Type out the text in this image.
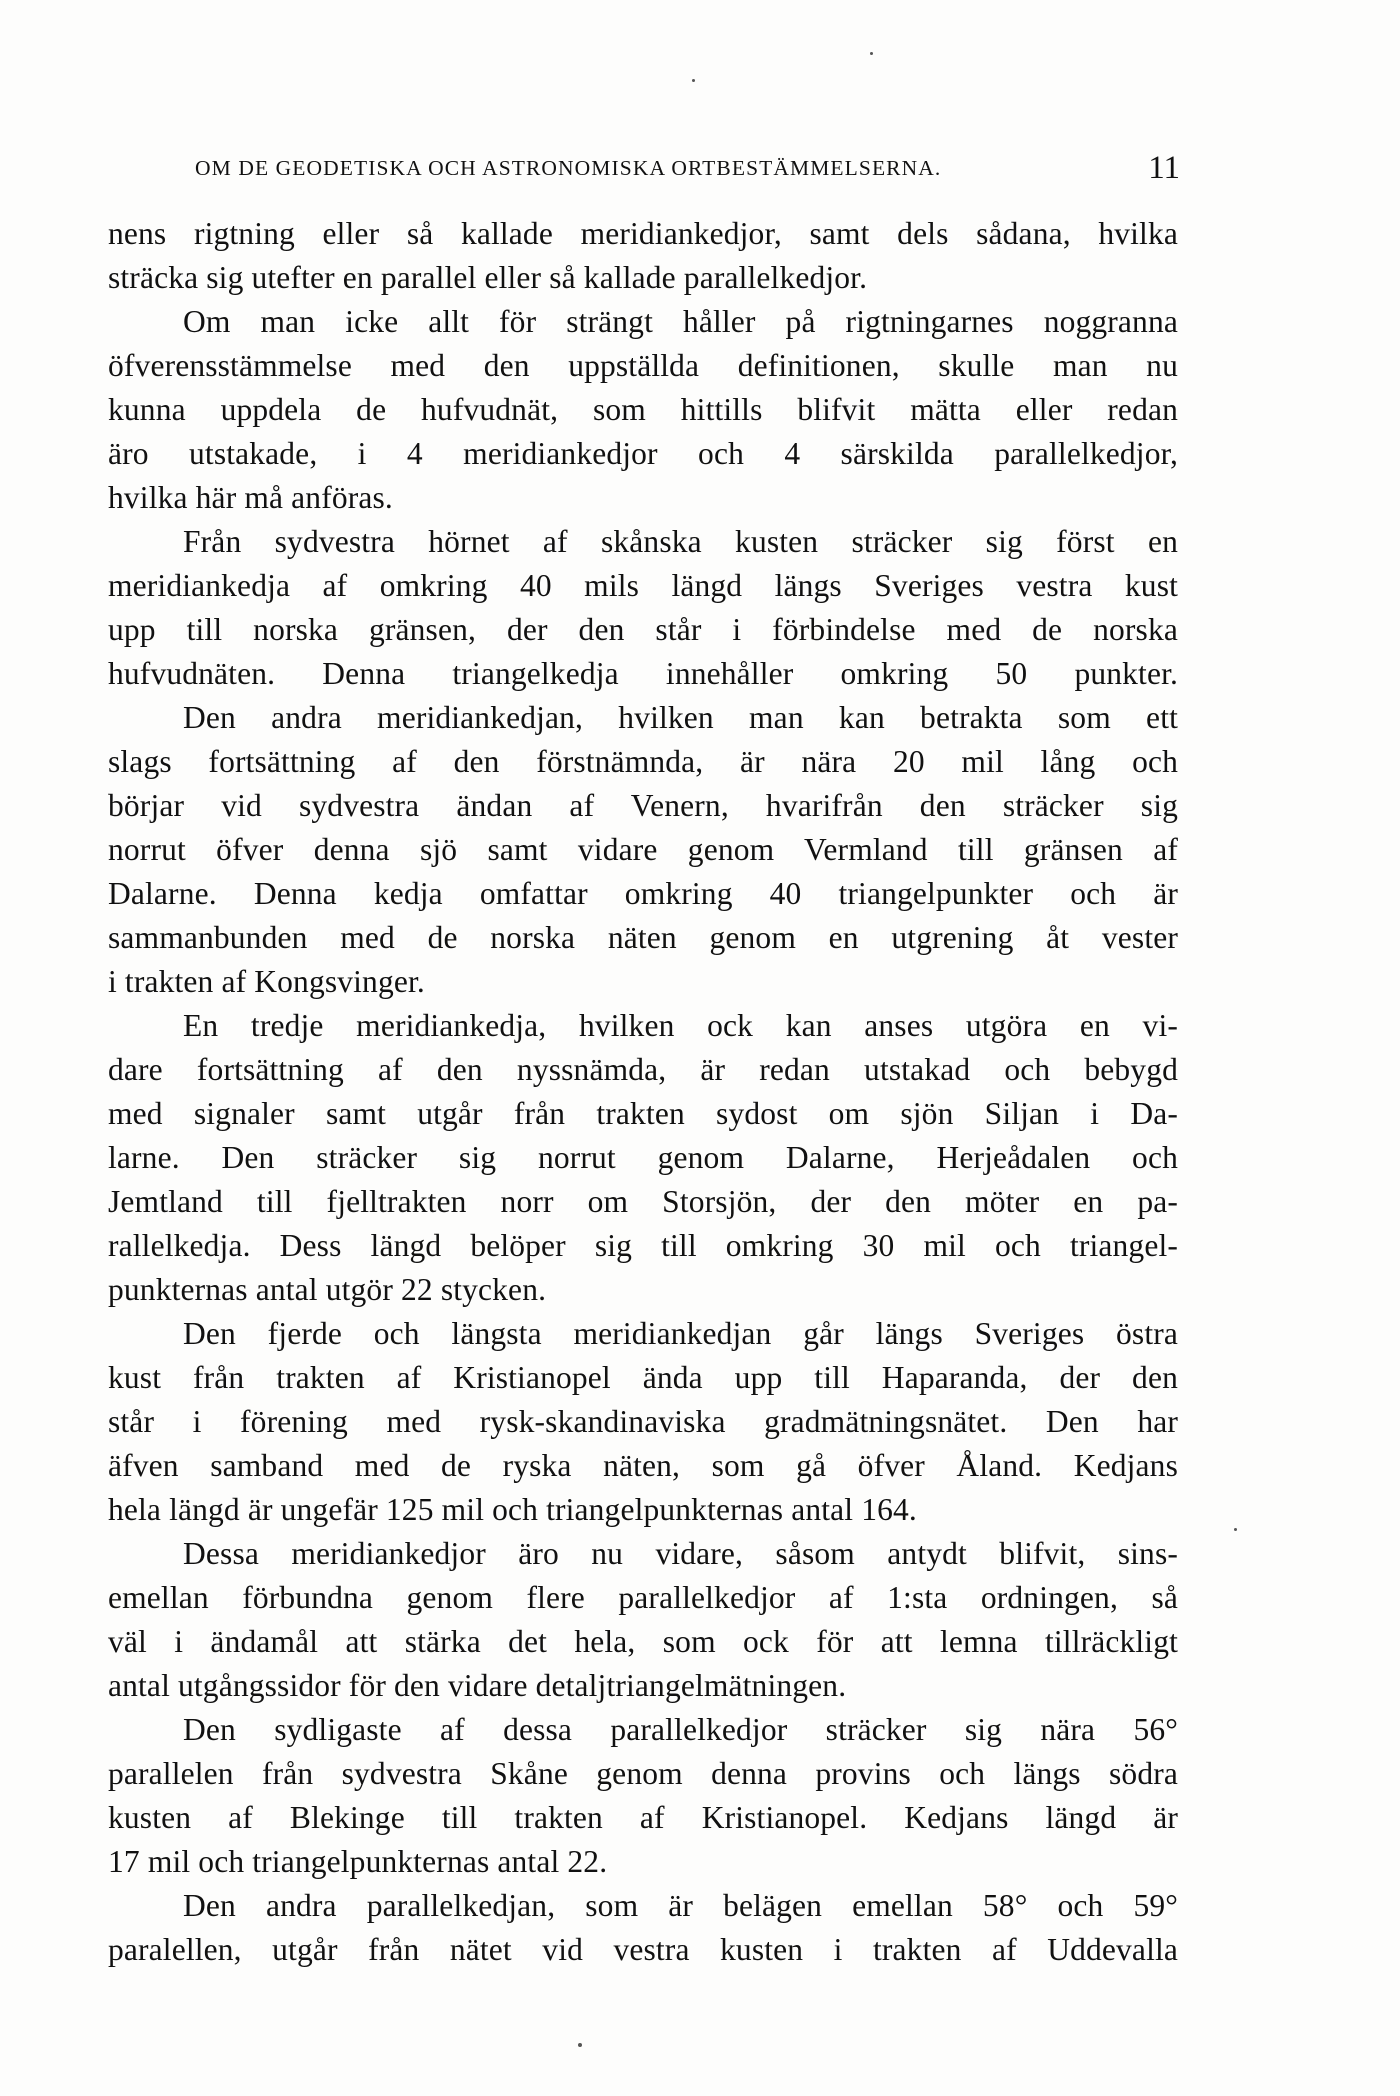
OM DE GEODETISKA OCH ASTRONOMISKA ORTBESTÄMMELSERNA.	11
nens rigtning eller så kallade meridiankedjor, samt dels sådana, hvilka
sträcka sig utefter en parallel eller så kallade parallelkedjor.
Om man icke allt för strängt håller på rigtningarnes noggranna
öfverensstämmelse med den uppställda definitionen, skulle man nu
kunna uppdela de hufvudnät, som hittills blifvit mätta eller redan
äro utstakade, i 4 meridiankedjor och 4 särskilda parallelkedjor,
hvilka här må anföras.
Från sydvestra hörnet af skånska kusten sträcker sig först en
meridiankedja af omkring 40 mils längd längs Sveriges vestra kust
upp till norska gränsen, der den står i förbindelse med de norska
hufvudnäten. Denna triangelkedja innehåller omkring 50 punkter.
Den andra meridiankedjan, hvilken man kan betrakta som ett
slags fortsättning af den förstnämnda, är nära 20 mil lång och
börjar vid sydvestra ändan af Venern, hvarifrån den sträcker sig
norrut öfver denna sjö samt vidare genom Vermland till gränsen af
Dalarne. Denna kedja omfattar omkring 40 triangelpunkter och är
sammanbunden med de norska näten genom en utgrening åt vester
i trakten af Kongsvinger.
En tredje meridiankedja, hvilken ock kan anses utgöra en vi-
dare fortsättning af den nyssnämda, är redan utstakad och bebygd
med signaler samt utgår från trakten sydost om sjön Siljan i Da-
larne. Den sträcker sig norrut genom Dalarne, Herjeådalen och
Jemtland till fjelltrakten norr om Storsjön, der den möter en pa-
rallelkedja. Dess längd belöper sig till omkring 30 mil och triangel-
punkternas antal utgör 22 stycken.
Den fjerde och längsta meridiankedjan går längs Sveriges östra
kust från trakten af Kristianopel ända upp till Haparanda, der den
står i förening med rysk-skandinaviska gradmätningsnätet. Den har
äfven samband med de ryska näten, som gå öfver Åland. Kedjans
hela längd är ungefär 125 mil och triangelpunkternas antal 164.
Dessa meridiankedjor äro nu vidare, såsom antydt blifvit, sins-
emellan förbundna genom flere parallelkedjor af 1:sta ordningen, så
väl i ändamål att stärka det hela, som ock för att lemna tillräckligt
antal utgångssidor för den vidare detaljtriangelmätningen.
Den sydligaste af dessa parallelkedjor sträcker sig nära 56°
parallelen från sydvestra Skåne genom denna provins och längs södra
kusten af Blekinge till trakten af Kristianopel. Kedjans längd är
17 mil och triangelpunkternas antal 22.
Den andra parallelkedjan, som är belägen emellan 58° och 59°
paralellen, utgår från nätet vid vestra kusten i trakten af Uddevalla
